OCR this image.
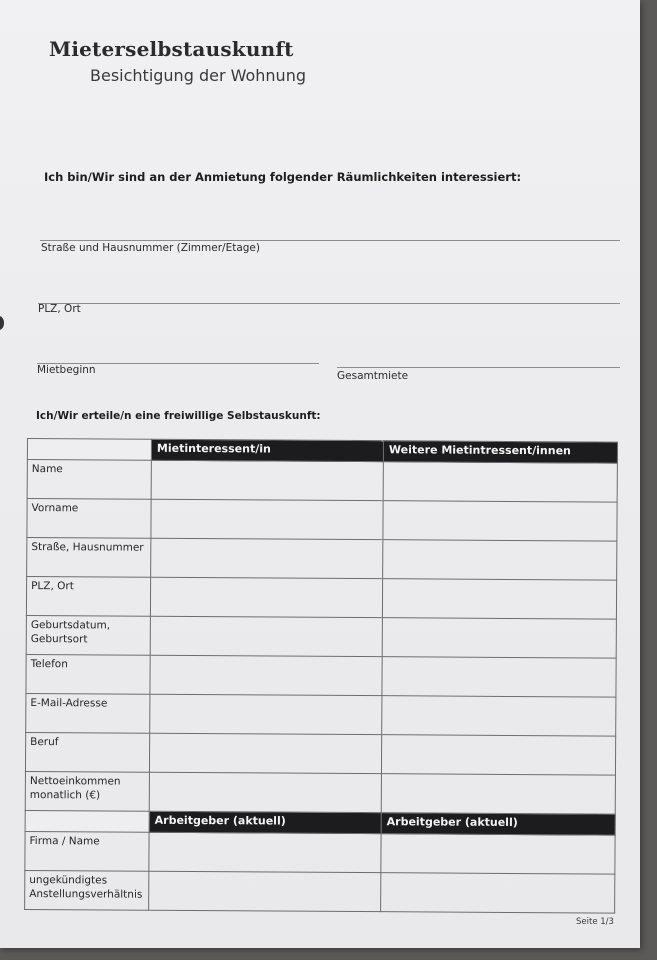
Mieterselbstauskunft

Besichtigung der Wohnung

Ich bin/Wir sind an der Anmietung folgender Räumlichkeiten interessiert:

Straße und Hausnummer (Zimmer/Etage)

PLZ, Ort

Mietbeginn	Gesamtmiete

Ich/Wir erteile/n eine freiwillige Selbstauskunft:

	Mietinteressent/in	Weitere Mietintressent/innen
Name		
Vorname		
Straße, Hausnummer		
PLZ, Ort		
Geburtsdatum, Geburtsort		
Telefon		
E-Mail-Adresse		
Beruf		
Nettoeinkommen monatlich (€)		
	Arbeitgeber (aktuell)	Arbeitgeber (aktuell)
Firma / Name		
ungekündigtes Anstellungsverhältnis		

Seite 1/3
